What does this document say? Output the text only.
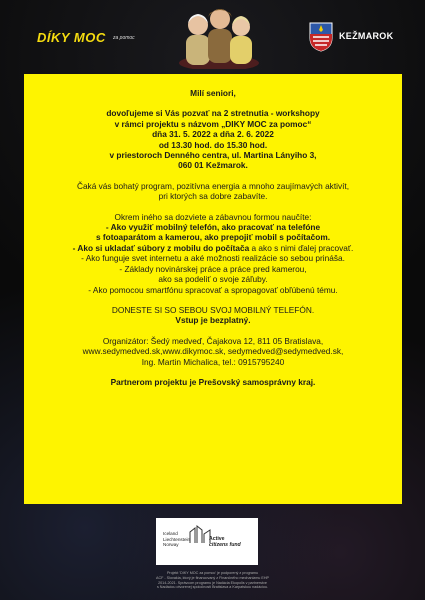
DÍKY MOC za pomoc	KEŽMAROK

Milí seniori,

dovoľujeme si Vás pozvať na 2 stretnutia - workshopy

v rámci projektu s názvom „DIKY MOC za pomoc“

dňa 31. 5. 2022 a dňa 2. 6. 2022

od 13.30 hod. do 15.30 hod.

v priestoroch Denného centra, ul. Martina Lányiho 3,

060 01 Kežmarok.

Čaká vás bohatý program, pozitívna energia a mnoho zaujímavých aktivít,

pri ktorých sa dobre zabavíte.

Okrem iného sa dozviete a zábavnou formou naučíte:

- Ako využiť mobilný telefón, ako pracovať na telefóne

s fotoaparátom a kamerou, ako prepojiť mobil s počítačom.

- Ako si ukladať súbory z mobilu do počítača a ako s nimi ďalej pracovať.

- Ako funguje svet internetu a aké možnosti realizácie so sebou prináša.

- Základy novinárskej práce a práce pred kamerou,

ako sa podeliť o svoje záľuby.

- Ako pomocou smartfónu spracovať a spropagovať obľúbenú tému.

DONESTE SI SO SEBOU SVOJ MOBILNÝ TELEFÓN.

Vstup je bezplatný.

Organizátor: Šedý medveď, Čajakova 12, 811 05 Bratislava,

www.sedymedved.sk,www.dikymoc.sk, sedymedved@sedymedved.sk,

Ing. Martin Michalica, tel.: 0915795240

Partnerom projektu je Prešovský samosprávny kraj.

Iceland
Liechtenstein
Norway
Active
citizens fund
Projekt 'DIKY MOC za pomoc' je podporený z programu
ACF - Slovakia, ktorý je financovaný z Finančného mechanizmu EHP
2014-2021. Správcom programu je Nadácia Ekopolis v partnerstve
s Nadáciou otvorenej spoločnosti Bratislava a Karpatskou nadáciou.
